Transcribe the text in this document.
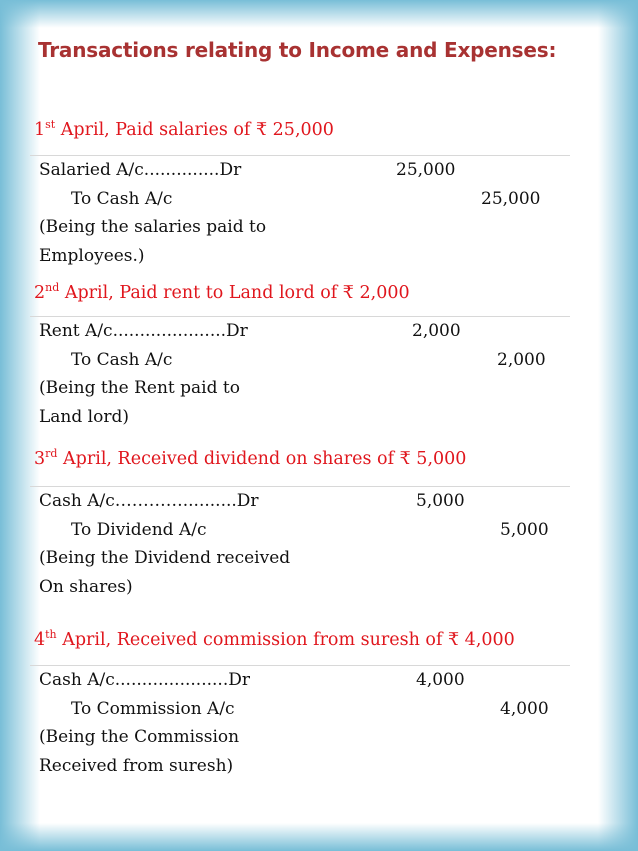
Transactions relating to Income and Expenses:
1st April, Paid salaries of ₹ 25,000
Salaried A/c..............Dr	25,000
To Cash A/c	25,000
(Being the salaries paid to
Employees.)
2nd April, Paid rent to Land lord of ₹ 2,000
Rent A/c.....................Dr	2,000
To Cash A/c	2,000
(Being the Rent paid to
Land lord)
3rd April, Received dividend on shares of ₹ 5,000
Cash A/c…………..........Dr	5,000
To Dividend A/c	5,000
(Being the Dividend received
On shares)
4th April, Received commission from suresh of ₹ 4,000
Cash A/c.....................Dr	4,000
To Commission A/c	4,000
(Being the Commission
Received from suresh)
